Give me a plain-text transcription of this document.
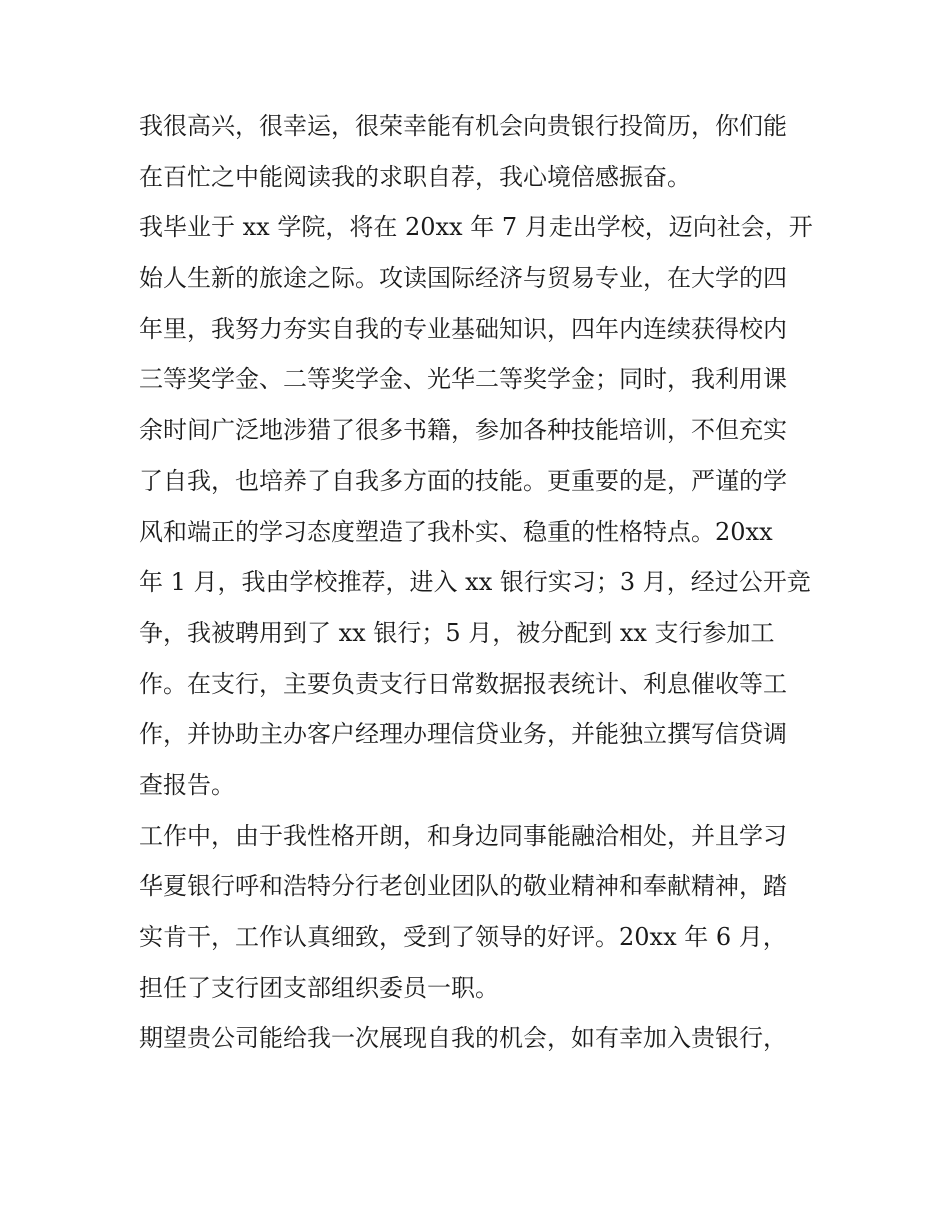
我很高兴，很幸运，很荣幸能有机会向贵银行投简历，你们能
在百忙之中能阅读我的求职自荐，我心境倍感振奋。
我毕业于 xx 学院，将在 20xx 年 7 月走出学校，迈向社会，开
始人生新的旅途之际。攻读国际经济与贸易专业，在大学的四
年里，我努力夯实自我的专业基础知识，四年内连续获得校内
三等奖学金、二等奖学金、光华二等奖学金；同时，我利用课
余时间广泛地涉猎了很多书籍，参加各种技能培训，不但充实
了自我，也培养了自我多方面的技能。更重要的是，严谨的学
风和端正的学习态度塑造了我朴实、稳重的性格特点。20xx
年 1 月，我由学校推荐，进入 xx 银行实习；3 月，经过公开竞
争，我被聘用到了 xx 银行；5 月，被分配到 xx 支行参加工
作。在支行，主要负责支行日常数据报表统计、利息催收等工
作，并协助主办客户经理办理信贷业务，并能独立撰写信贷调
查报告。
工作中，由于我性格开朗，和身边同事能融洽相处，并且学习
华夏银行呼和浩特分行老创业团队的敬业精神和奉献精神，踏
实肯干，工作认真细致，受到了领导的好评。20xx 年 6 月，
担任了支行团支部组织委员一职。
期望贵公司能给我一次展现自我的机会，如有幸加入贵银行，
